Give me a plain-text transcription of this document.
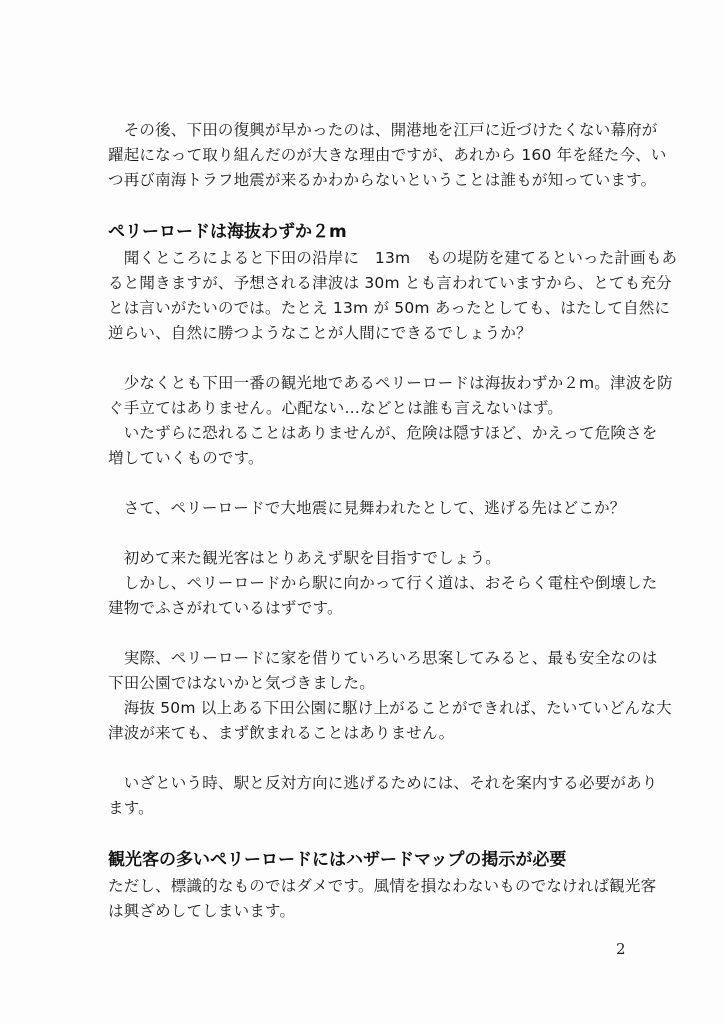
　その後、下田の復興が早かったのは、開港地を江戸に近づけたくない幕府が
躍起になって取り組んだのが大きな理由ですが、あれから 160 年を経た今、い
つ再び南海トラフ地震が来るかわからないということは誰もが知っています。
ペリーロードは海抜わずか２m
　聞くところによると下田の沿岸に　13m　もの堤防を建てるといった計画もあ
ると聞きますが、予想される津波は 30m とも言われていますから、とても充分
とは言いがたいのでは。たとえ 13m が 50m あったとしても、はたして自然に
逆らい、自然に勝つようなことが人間にできるでしょうか？
　少なくとも下田一番の観光地であるペリーロードは海抜わずか２m。津波を防
ぐ手立てはありません。心配ない…などとは誰も言えないはず。
　いたずらに恐れることはありませんが、危険は隠すほど、かえって危険さを
増していくものです。
　さて、ペリーロードで大地震に見舞われたとして、逃げる先はどこか？
　初めて来た観光客はとりあえず駅を目指すでしょう。
　しかし、ペリーロードから駅に向かって行く道は、おそらく電柱や倒壊した
建物でふさがれているはずです。
　実際、ペリーロードに家を借りていろいろ思案してみると、最も安全なのは
下田公園ではないかと気づきました。
　海抜 50m 以上ある下田公園に駆け上がることができれば、たいていどんな大
津波が来ても、まず飲まれることはありません。
　いざという時、駅と反対方向に逃げるためには、それを案内する必要があり
ます。
観光客の多いペリーロードにはハザードマップの掲示が必要
ただし、標識的なものではダメです。風情を損なわないものでなければ観光客
は興ざめしてしまいます。
2
